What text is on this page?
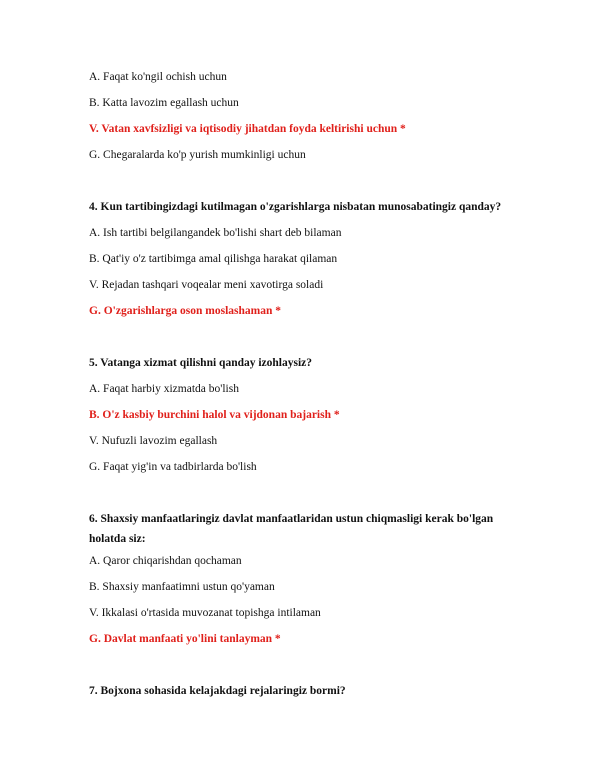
A. Faqat ko'ngil ochish uchun
B. Katta lavozim egallash uchun
V. Vatan xavfsizligi va iqtisodiy jihatdan foyda keltirishi uchun *
G. Chegaralarda ko'p yurish mumkinligi uchun
4. Kun tartibingizdagi kutilmagan o'zgarishlarga nisbatan munosabatingiz qanday?
A. Ish tartibi belgilangandek bo'lishi shart deb bilaman
B. Qat'iy o'z tartibimga amal qilishga harakat qilaman
V. Rejadan tashqari voqealar meni xavotirga soladi
G. O'zgarishlarga oson moslashaman *
5. Vatanga xizmat qilishni qanday izohlaysiz?
A. Faqat harbiy xizmatda bo'lish
B. O'z kasbiy burchini halol va vijdonan bajarish *
V. Nufuzli lavozim egallash
G. Faqat yig'in va tadbirlarda bo'lish
6. Shaxsiy manfaatlaringiz davlat manfaatlaridan ustun chiqmasligi kerak bo'lgan holatda siz:
A. Qaror chiqarishdan qochaman
B. Shaxsiy manfaatimni ustun qo'yaman
V. Ikkalasi o'rtasida muvozanat topishga intilaman
G. Davlat manfaati yo'lini tanlayman *
7. Bojxona sohasida kelajakdagi rejalaringiz bormi?
